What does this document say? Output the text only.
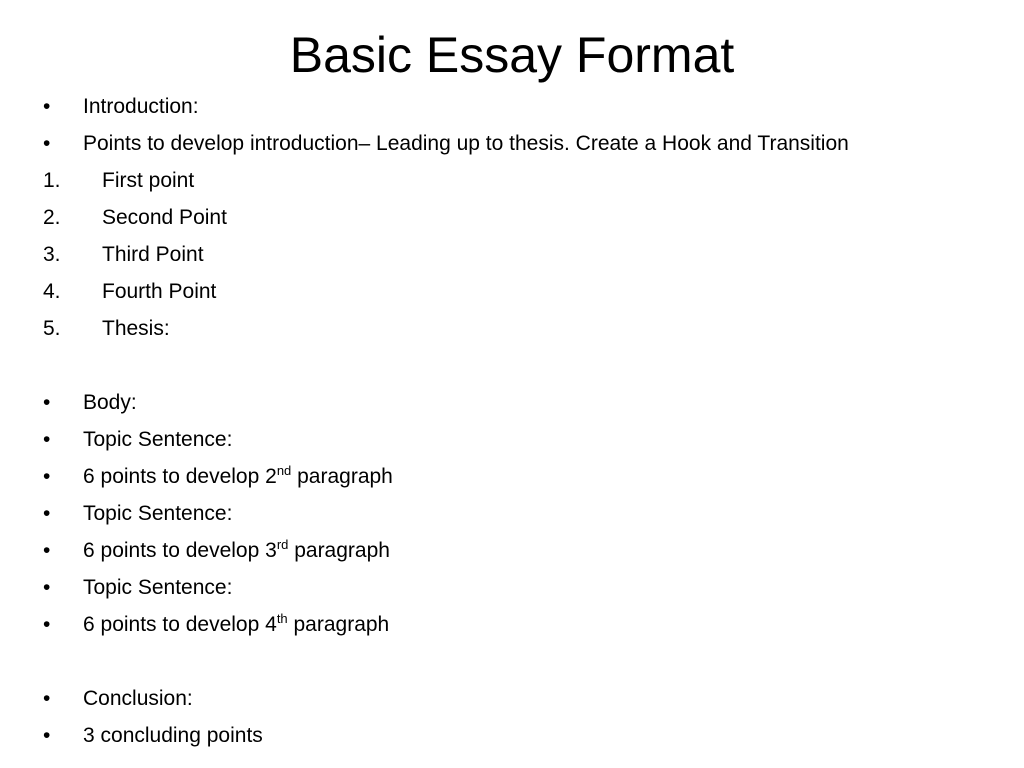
Basic Essay Format
• Introduction:
• Points to develop introduction– Leading up to thesis. Create a Hook and Transition
1. First point
2. Second Point
3. Third Point
4. Fourth Point
5. Thesis:
• Body:
• Topic Sentence:
• 6 points to develop 2nd paragraph
• Topic Sentence:
• 6 points to develop 3rd paragraph
• Topic Sentence:
• 6 points to develop 4th paragraph
• Conclusion:
• 3 concluding points
